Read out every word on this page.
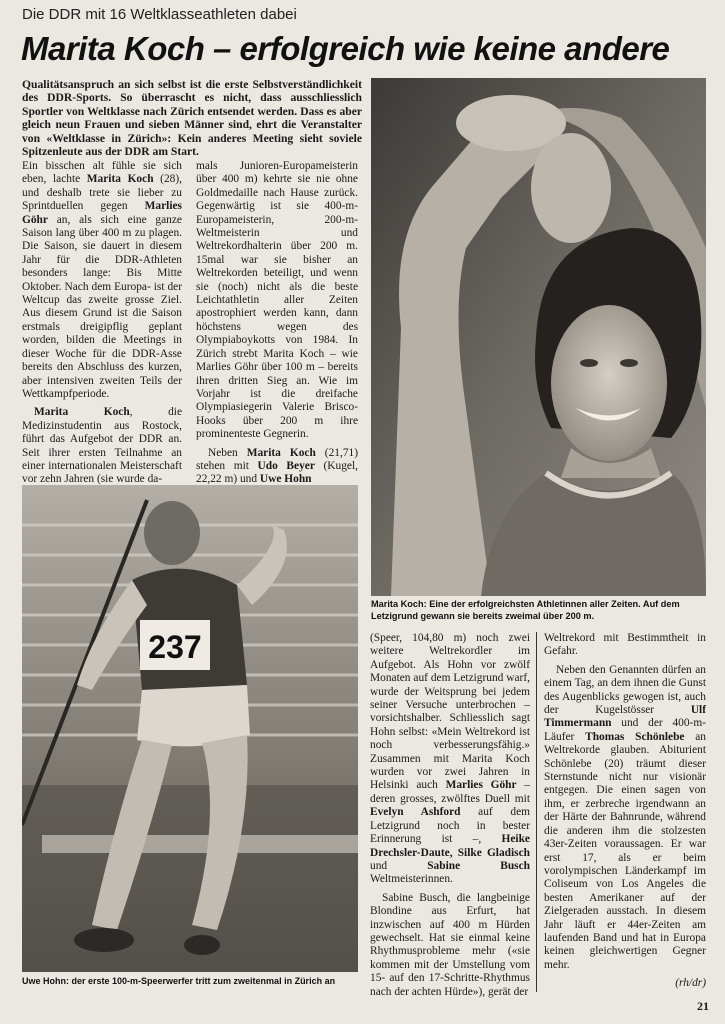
Die DDR mit 16 Weltklasseathleten dabei
Marita Koch – erfolgreich wie keine andere
Qualitätsanspruch an sich selbst ist die erste Selbstverständlichkeit des DDR-Sports. So überrascht es nicht, dass ausschliesslich Sportler von Weltklasse nach Zürich entsendet werden. Dass es aber gleich neun Frauen und sieben Männer sind, ehrt die Veranstalter von «Weltklasse in Zürich»: Kein anderes Meeting sieht soviele Spitzenleute aus der DDR am Start.
Marita Koch: Eine der erfolgreichsten Athletinnen aller Zeiten. Auf dem Letzigrund gewann sie bereits zweimal über 200 m.
237
Uwe Hohn: der erste 100-m-Speerwerfer tritt zum zweitenmal in Zürich an

Ein bisschen alt fühle sie sich eben, lachte Marita Koch (28), und deshalb trete sie lieber zu Sprintduellen gegen Marlies Göhr an, als sich eine ganze Saison lang über 400 m zu plagen. Die Saison, sie dauert in diesem Jahr für die DDR-Athleten besonders lange: Bis Mitte Oktober. Nach dem Europa- ist der Weltcup das zweite grosse Ziel. Aus diesem Grund ist die Saison erstmals dreigipflig geplant worden, bilden die Meetings in dieser Woche für die DDR-Asse bereits den Abschluss des kurzen, aber intensiven zweiten Teils der Wettkampfperiode.

Marita Koch, die Medizinstudentin aus Rostock, führt das Aufgebot der DDR an. Seit ihrer ersten Teilnahme an einer internationalen Meisterschaft vor zehn Jahren (sie wurde da-

mals Junioren-Europameisterin über 400 m) kehrte sie nie ohne Goldmedaille nach Hause zurück. Gegenwärtig ist sie 400-m-Europameisterin, 200-m-Weltmeisterin und Weltrekordhalterin über 200 m. 15mal war sie bisher an Weltrekorden beteiligt, und wenn sie (noch) nicht als die beste Leichtathletin aller Zeiten apostrophiert werden kann, dann höchstens wegen des Olympiaboykotts von 1984. In Zürich strebt Marita Koch – wie Marlies Göhr über 100 m – bereits ihren dritten Sieg an. Wie im Vorjahr ist die dreifache Olympiasiegerin Valerie Brisco-Hooks über 200 m ihre prominenteste Gegnerin.

Neben Marita Koch (21,71) stehen mit Udo Beyer (Kugel, 22,22 m) und Uwe Hohn

(Speer, 104,80 m) noch zwei weitere Weltrekordler im Aufgebot. Als Hohn vor zwölf Monaten auf dem Letzigrund warf, wurde der Weitsprung bei jedem seiner Versuche unterbrochen – vorsichtshalber. Schliesslich sagt Hohn selbst: «Mein Weltrekord ist noch verbesserungsfähig.» Zusammen mit Marita Koch wurden vor zwei Jahren in Helsinki auch Marlies Göhr – deren grosses, zwölftes Duell mit Evelyn Ashford auf dem Letzigrund noch in bester Erinnerung ist –, Heike Drechsler-Daute, Silke Gladisch und Sabine Busch Weltmeisterinnen.

Sabine Busch, die langbeinige Blondine aus Erfurt, hat inzwischen auf 400 m Hürden gewechselt. Hat sie einmal keine Rhythmusprobleme mehr («sie kommen mit der Umstellung vom 15- auf den 17-Schritte-Rhythmus nach der achten Hürde»), gerät der

Weltrekord mit Bestimmtheit in Gefahr.

Neben den Genannten dürfen an einem Tag, an dem ihnen die Gunst des Augenblicks gewogen ist, auch der Kugelstösser Ulf Timmermann und der 400-m-Läufer Thomas Schönlebe an Weltrekorde glauben. Abiturient Schönlebe (20) träumt dieser Sternstunde nicht nur visionär entgegen. Die einen sagen von ihm, er zerbreche irgendwann an der Härte der Bahnrunde, während die anderen ihm die stolzesten 43er-Zeiten voraussagen. Er war erst 17, als er beim vorolympischen Länderkampf im Coliseum von Los Angeles die besten Amerikaner auf der Zielgeraden ausstach. In diesem Jahr läuft er 44er-Zeiten am laufenden Band und hat in Europa keinen gleichwertigen Gegner mehr.

(rh/dr)

21
